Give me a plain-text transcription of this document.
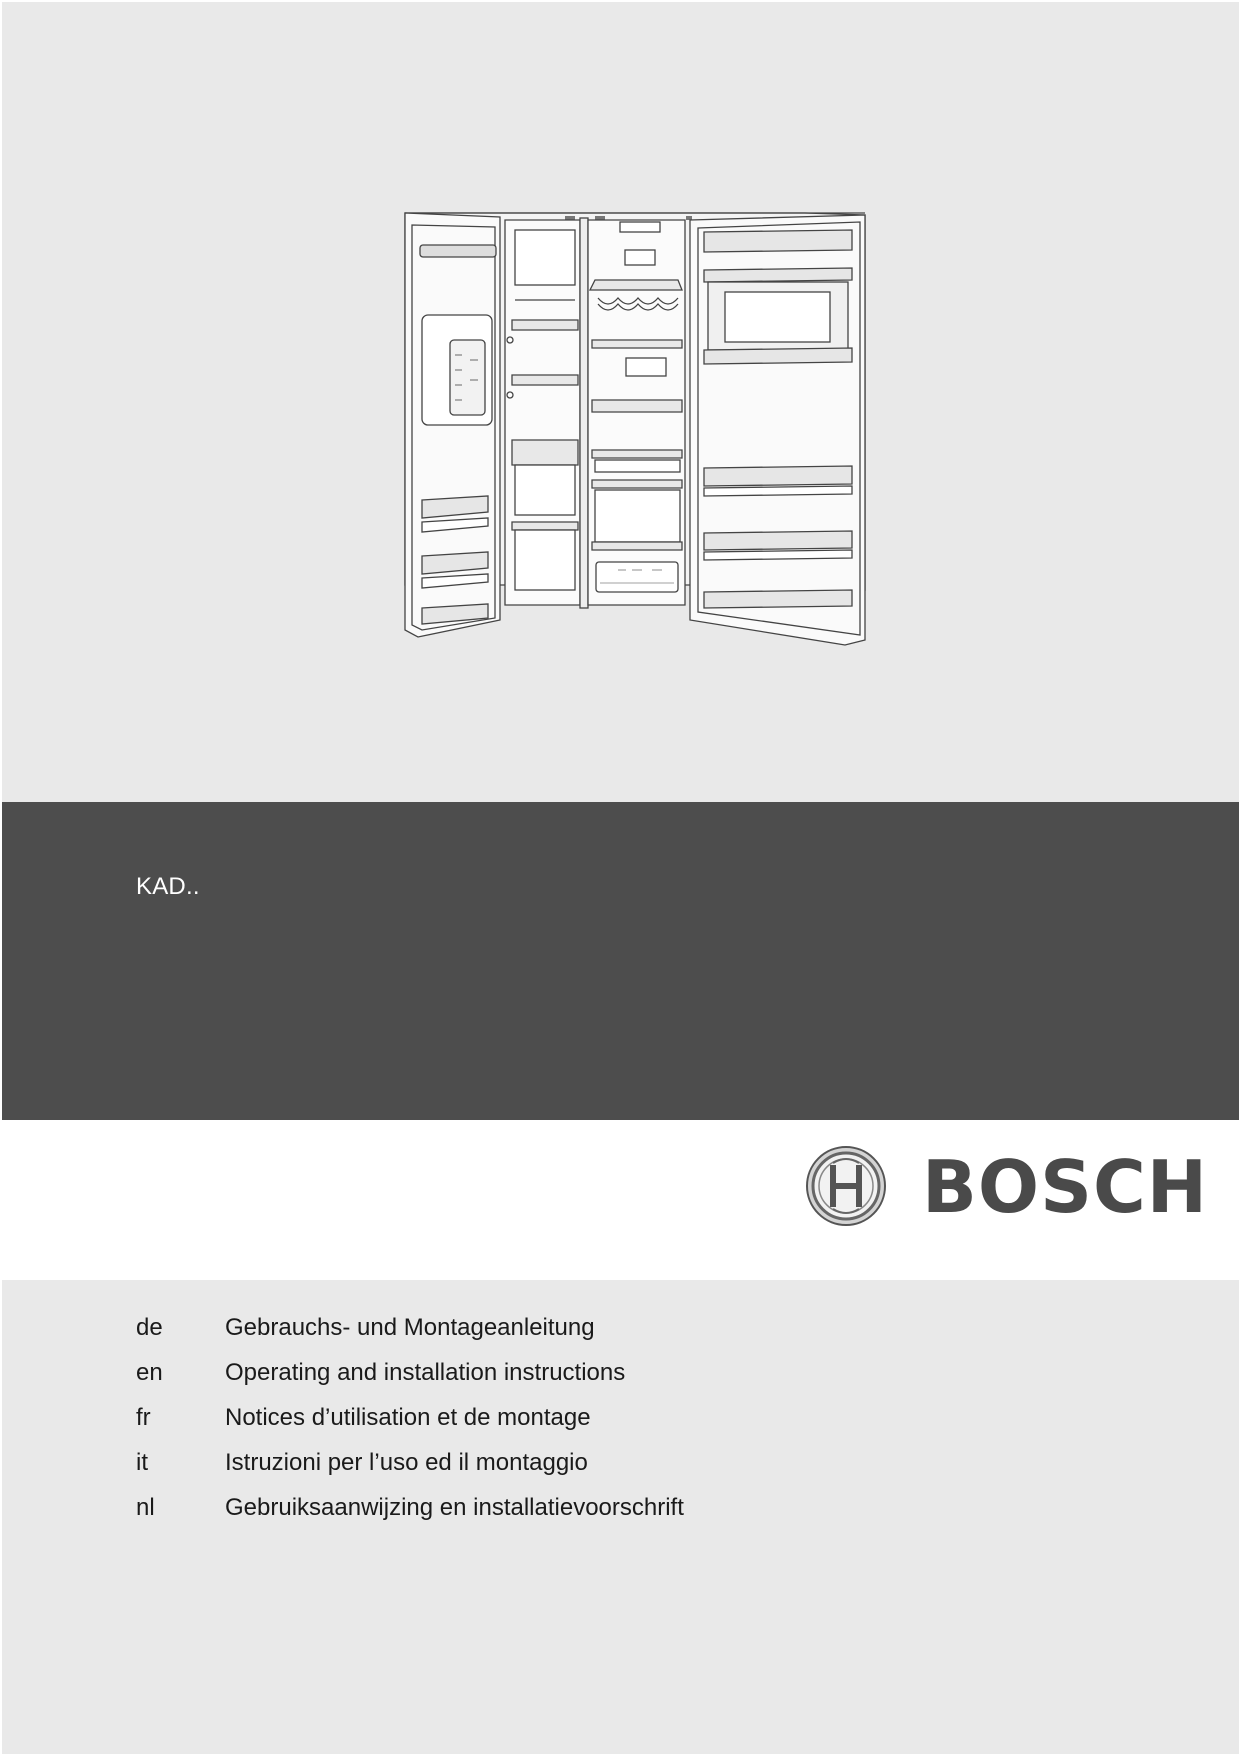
KAD..
BOSCH
de	Gebrauchs- und Montageanleitung
en	Operating and installation instructions
fr	Notices d’utilisation et de montage
it	Istruzioni per l’uso ed il montaggio
nl	Gebruiksaanwijzing en installatievoorschrift
